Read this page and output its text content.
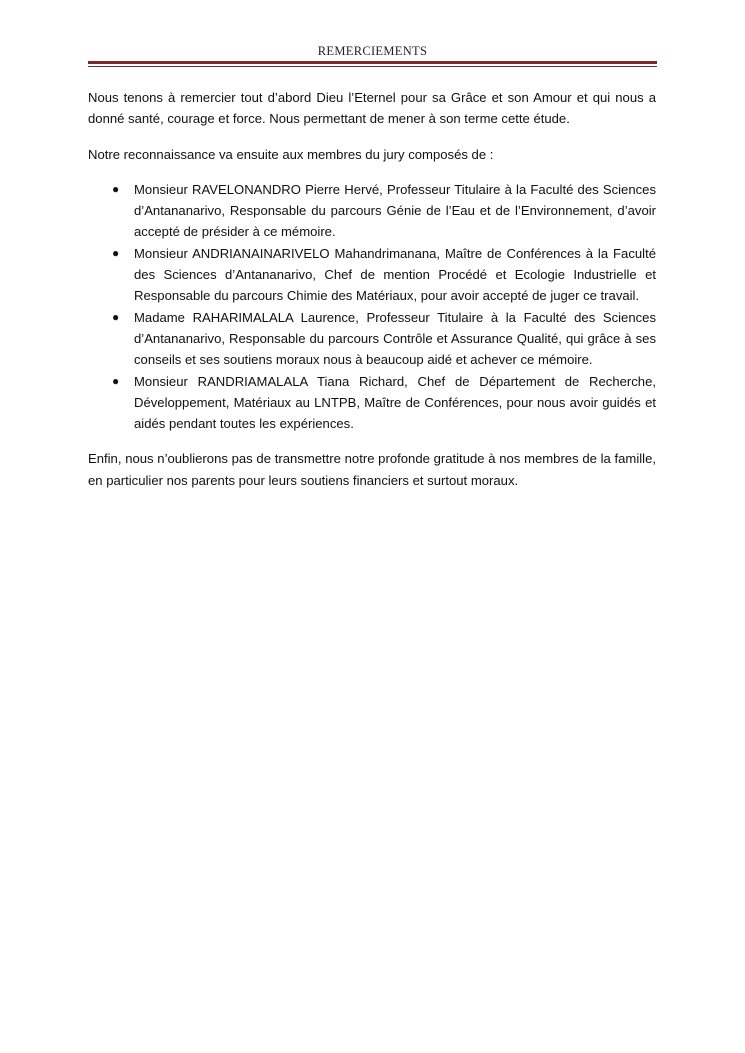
REMERCIEMENTS

Nous tenons à remercier tout d’abord Dieu l’Eternel pour sa Grâce et son Amour et qui nous a donné santé, courage et force. Nous permettant de mener à son terme cette étude.

Notre reconnaissance va ensuite aux membres du jury composés de :

● Monsieur RAVELONANDRO Pierre Hervé, Professeur Titulaire à la Faculté des Sciences d’Antananarivo, Responsable du parcours Génie de l’Eau et de l’Environnement, d’avoir accepté de présider à ce mémoire.
● Monsieur ANDRIANAINARIVELO Mahandrimanana, Maître de Conférences à la Faculté des Sciences d’Antananarivo, Chef de mention Procédé et Ecologie Industrielle et Responsable du parcours Chimie des Matériaux, pour avoir accepté de juger ce travail.
● Madame RAHARIMALALA Laurence, Professeur Titulaire à la Faculté des Sciences d’Antananarivo, Responsable du parcours Contrôle et Assurance Qualité, qui grâce à ses conseils et ses soutiens moraux nous à beaucoup aidé et achever ce mémoire.
● Monsieur RANDRIAMALALA Tiana Richard, Chef de Département de Recherche, Développement, Matériaux au LNTPB, Maître de Conférences, pour nous avoir guidés et aidés pendant toutes les expériences.

Enfin, nous n’oublierons pas de transmettre notre profonde gratitude à nos membres de la famille, en particulier nos parents pour leurs soutiens financiers et surtout moraux.
